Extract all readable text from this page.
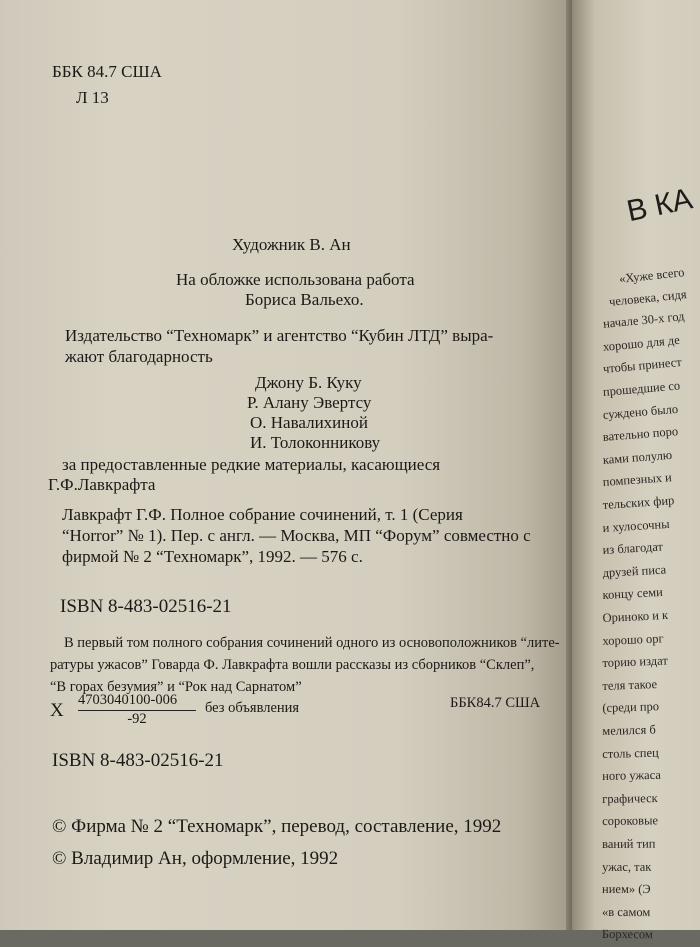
ББК 84.7 США
Л 13
Художник В. Ан
На обложке использована работа
Бориса Вальехо.
Издательство “Техномарк” и агентство “Кубин ЛТД” выра-
жают благодарность
Джону Б. Куку
Р. Алану Эвертсу
О. Навалихиной
И. Толоконникову
за предоставленные редкие материалы, касающиеся
Г.Ф.Лавкрафта
Лавкрафт Г.Ф. Полное собрание сочинений, т. 1 (Серия
“Horror” № 1). Пер. с англ. — Москва, МП “Форум” совместно с
фирмой № 2 “Техномарк”, 1992. — 576 с.
ISBN 8-483-02516-21
В первый том полного собрания сочинений одного из основоположников “лите-
ратуры ужасов” Говарда Ф. Лавкрафта вошли рассказы из сборников “Склеп”,
“В горах безумия” и “Рок над Сарнатом”
X $\frac{4703040100-006}{-92}$ без объявления	ББК84.7 США
ISBN 8-483-02516-21
© Фирма № 2 “Техномарк”, перевод, составление, 1992
© Владимир Ан, оформление, 1992
В КА
«Хуже всего
человека, сидя
начале 30-х год
хорошо для де
чтобы принест
прошедшие со
суждено было
вательно поро
ками полулю
помпезных и
тельских фир
и хулосочны
из благодат
друзей писа
концу семи
Ориноко и к
хорошо орг
торию издат
теля такое
(среди про
мелился б
столь спец
ного ужаса
графическ
сороковые
ваний тип
ужас, так
нием» (Э
«в самом
Борхесом
